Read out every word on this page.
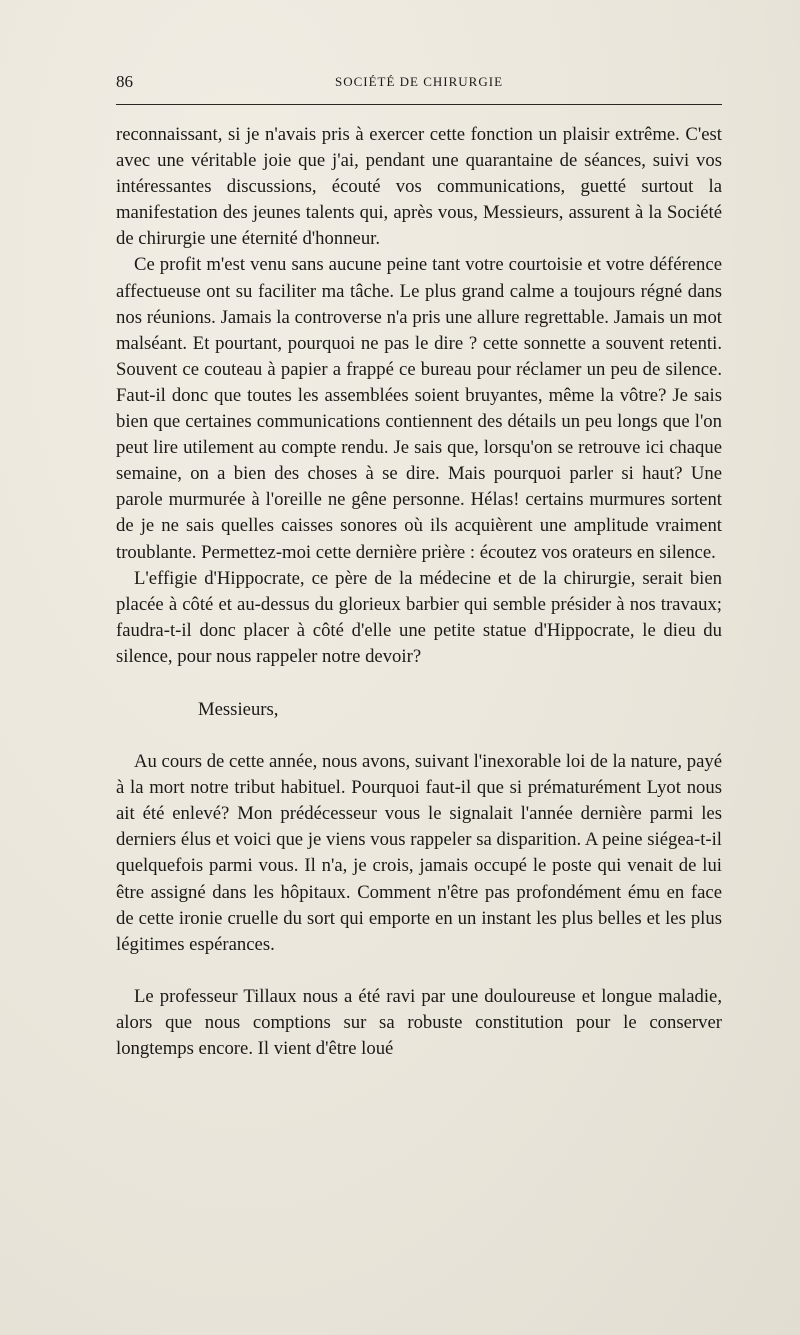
86	SOCIÉTÉ DE CHIRURGIE

reconnaissant, si je n'avais pris à exercer cette fonction un plaisir extrême. C'est avec une véritable joie que j'ai, pendant une quarantaine de séances, suivi vos intéressantes discussions, écouté vos communications, guetté surtout la manifestation des jeunes talents qui, après vous, Messieurs, assurent à la Société de chirurgie une éternité d'honneur.

Ce profit m'est venu sans aucune peine tant votre courtoisie et votre déférence affectueuse ont su faciliter ma tâche. Le plus grand calme a toujours régné dans nos réunions. Jamais la controverse n'a pris une allure regrettable. Jamais un mot malséant. Et pourtant, pourquoi ne pas le dire ? cette sonnette a souvent retenti. Souvent ce couteau à papier a frappé ce bureau pour réclamer un peu de silence. Faut-il donc que toutes les assemblées soient bruyantes, même la vôtre? Je sais bien que certaines communications contiennent des détails un peu longs que l'on peut lire utilement au compte rendu. Je sais que, lorsqu'on se retrouve ici chaque semaine, on a bien des choses à se dire. Mais pourquoi parler si haut? Une parole murmurée à l'oreille ne gêne personne. Hélas! certains murmures sortent de je ne sais quelles caisses sonores où ils acquièrent une amplitude vraiment troublante. Permettez-moi cette dernière prière : écoutez vos orateurs en silence.

L'effigie d'Hippocrate, ce père de la médecine et de la chirurgie, serait bien placée à côté et au-dessus du glorieux barbier qui semble présider à nos travaux; faudra-t-il donc placer à côté d'elle une petite statue d'Hippocrate, le dieu du silence, pour nous rappeler notre devoir?

Messieurs,

Au cours de cette année, nous avons, suivant l'inexorable loi de la nature, payé à la mort notre tribut habituel. Pourquoi faut-il que si prématurément Lyot nous ait été enlevé? Mon prédécesseur vous le signalait l'année dernière parmi les derniers élus et voici que je viens vous rappeler sa disparition. A peine siégea-t-il quelquefois parmi vous. Il n'a, je crois, jamais occupé le poste qui venait de lui être assigné dans les hôpitaux. Comment n'être pas profondément ému en face de cette ironie cruelle du sort qui emporte en un instant les plus belles et les plus légitimes espérances.

Le professeur Tillaux nous a été ravi par une douloureuse et longue maladie, alors que nous comptions sur sa robuste constitution pour le conserver longtemps encore. Il vient d'être loué
